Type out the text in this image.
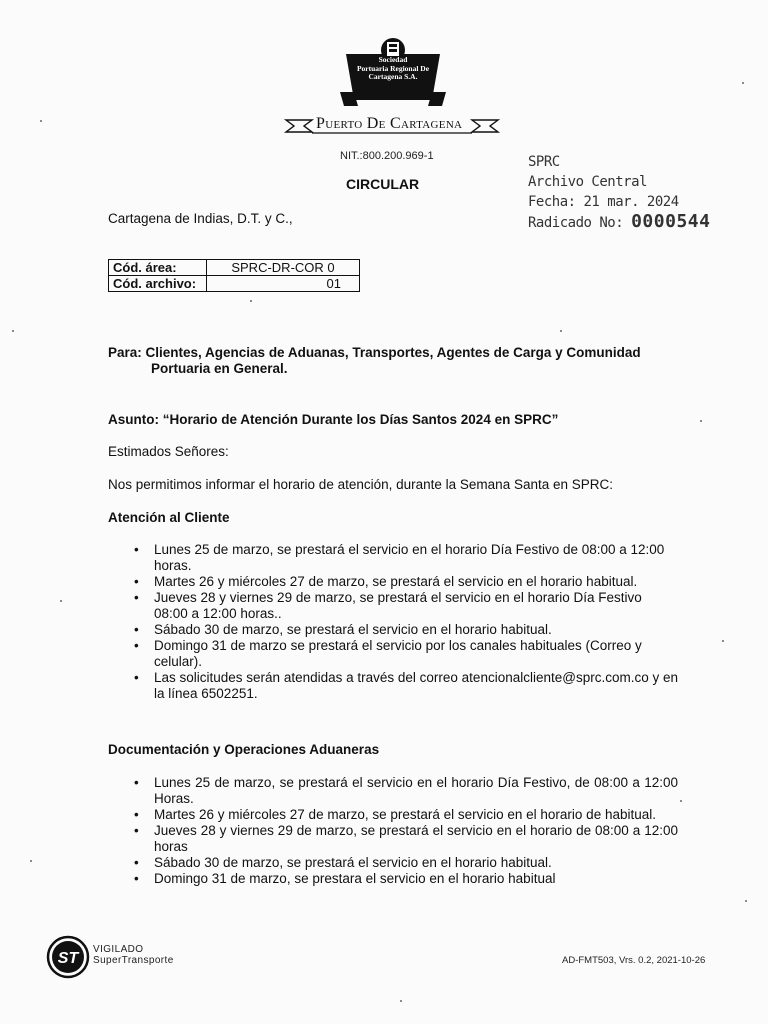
Sociedad
Portuaria Regional De
Cartagena S.A.
Puerto De Cartagena
NIT.:800.200.969-1
CIRCULAR
SPRC
Archivo Central
Fecha: 21 mar. 2024
Radicado No: 0000544
Cartagena de Indias, D.T. y C.,
Cód. área:	SPRC-DR-COR 0
Cód. archivo:	01
Para: Clientes, Agencias de Aduanas, Transportes, Agentes de Carga y Comunidad
Portuaria en General.
Asunto: “Horario de Atención Durante los Días Santos 2024 en SPRC”
Estimados Señores:
Nos permitimos informar el horario de atención, durante la Semana Santa en SPRC:
Atención al Cliente
• Lunes 25 de marzo, se prestará el servicio en el horario Día Festivo de 08:00 a 12:00 horas.
• Martes 26 y miércoles 27 de marzo, se prestará el servicio en el horario habitual.
• Jueves 28 y viernes 29 de marzo, se prestará el servicio en el horario Día Festivo 08:00 a 12:00 horas..
• Sábado 30 de marzo, se prestará el servicio en el horario habitual.
• Domingo 31 de marzo se prestará el servicio por los canales habituales (Correo y celular).
• Las solicitudes serán atendidas a través del correo atencionalcliente@sprc.com.co y en la línea 6502251.
Documentación y Operaciones Aduaneras
• Lunes 25 de marzo, se prestará el servicio en el horario Día Festivo, de 08:00 a 12:00 Horas.
• Martes 26 y miércoles 27 de marzo, se prestará el servicio en el horario de habitual.
• Jueves 28 y viernes 29 de marzo, se prestará el servicio en el horario de 08:00 a 12:00 horas
• Sábado 30 de marzo, se prestará el servicio en el horario habitual.
• Domingo 31 de marzo, se prestara el servicio en el horario habitual
ST
VIGILADO
SuperTransporte	AD-FMT503, Vrs. 0.2, 2021-10-26
